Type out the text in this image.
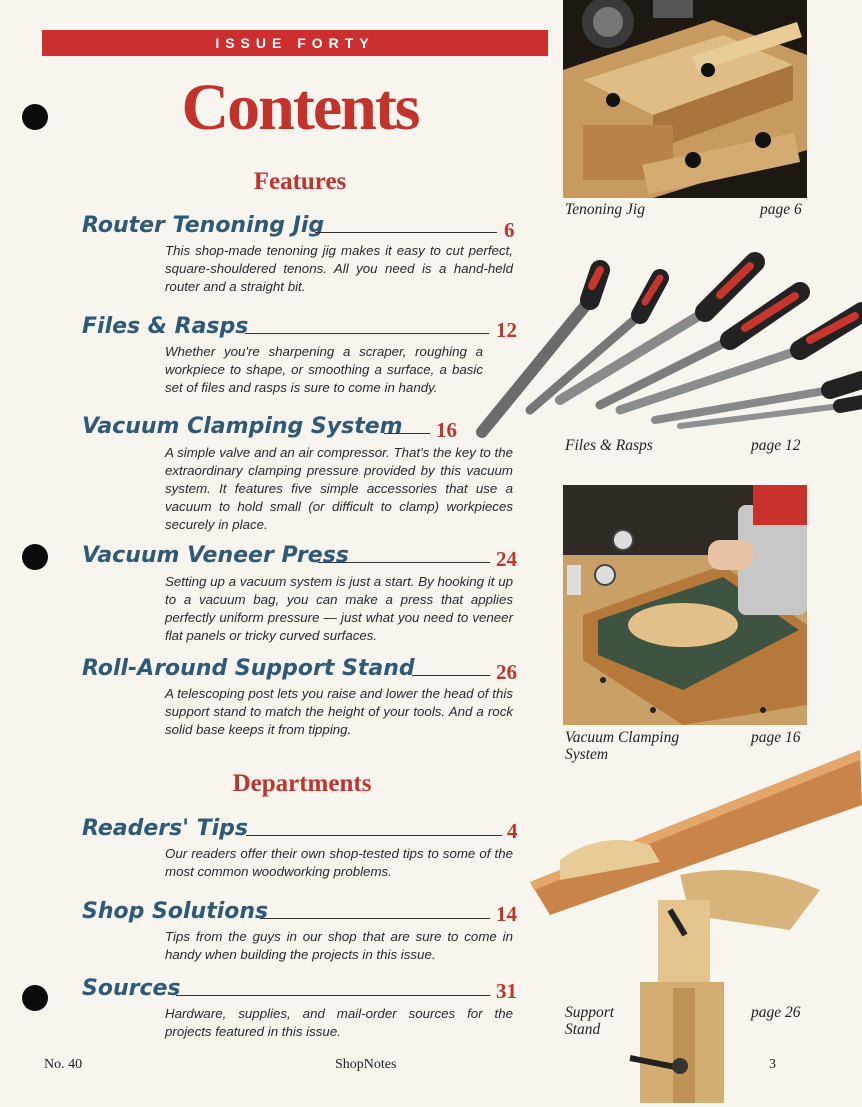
ISSUE FORTY
Contents
Features
Router Tenoning Jig	6
This shop-made tenoning jig makes it easy to cut perfect, square-shouldered tenons. All you need is a hand-held router and a straight bit.
Files & Rasps	12
Whether you're sharpening a scraper, roughing a workpiece to shape, or smoothing a surface, a basic set of files and rasps is sure to come in handy.
Vacuum Clamping System 16
A simple valve and an air compressor. That's the key to the extraordinary clamping pressure provided by this vacuum system. It features five simple accessories that use a vacuum to hold small (or difficult to clamp) workpieces securely in place.
Vacuum Veneer Press	24
Setting up a vacuum system is just a start. By hooking it up to a vacuum bag, you can make a press that applies perfectly uniform pressure — just what you need to veneer flat panels or tricky curved surfaces.
Roll-Around Support Stand	26
A telescoping post lets you raise and lower the head of this support stand to match the height of your tools. And a rock solid base keeps it from tipping.
Departments
Readers' Tips	4
Our readers offer their own shop-tested tips to some of the most common woodworking problems.
Shop Solutions	14
Tips from the guys in our shop that are sure to come in handy when building the projects in this issue.
Sources	31
Hardware, supplies, and mail-order sources for the projects featured in this issue.
Tenoning Jig	page 6
Files & Rasps	page 12
Vacuum Clamping System
page 16
Support Stand
page 26
No. 40	ShopNotes	3
